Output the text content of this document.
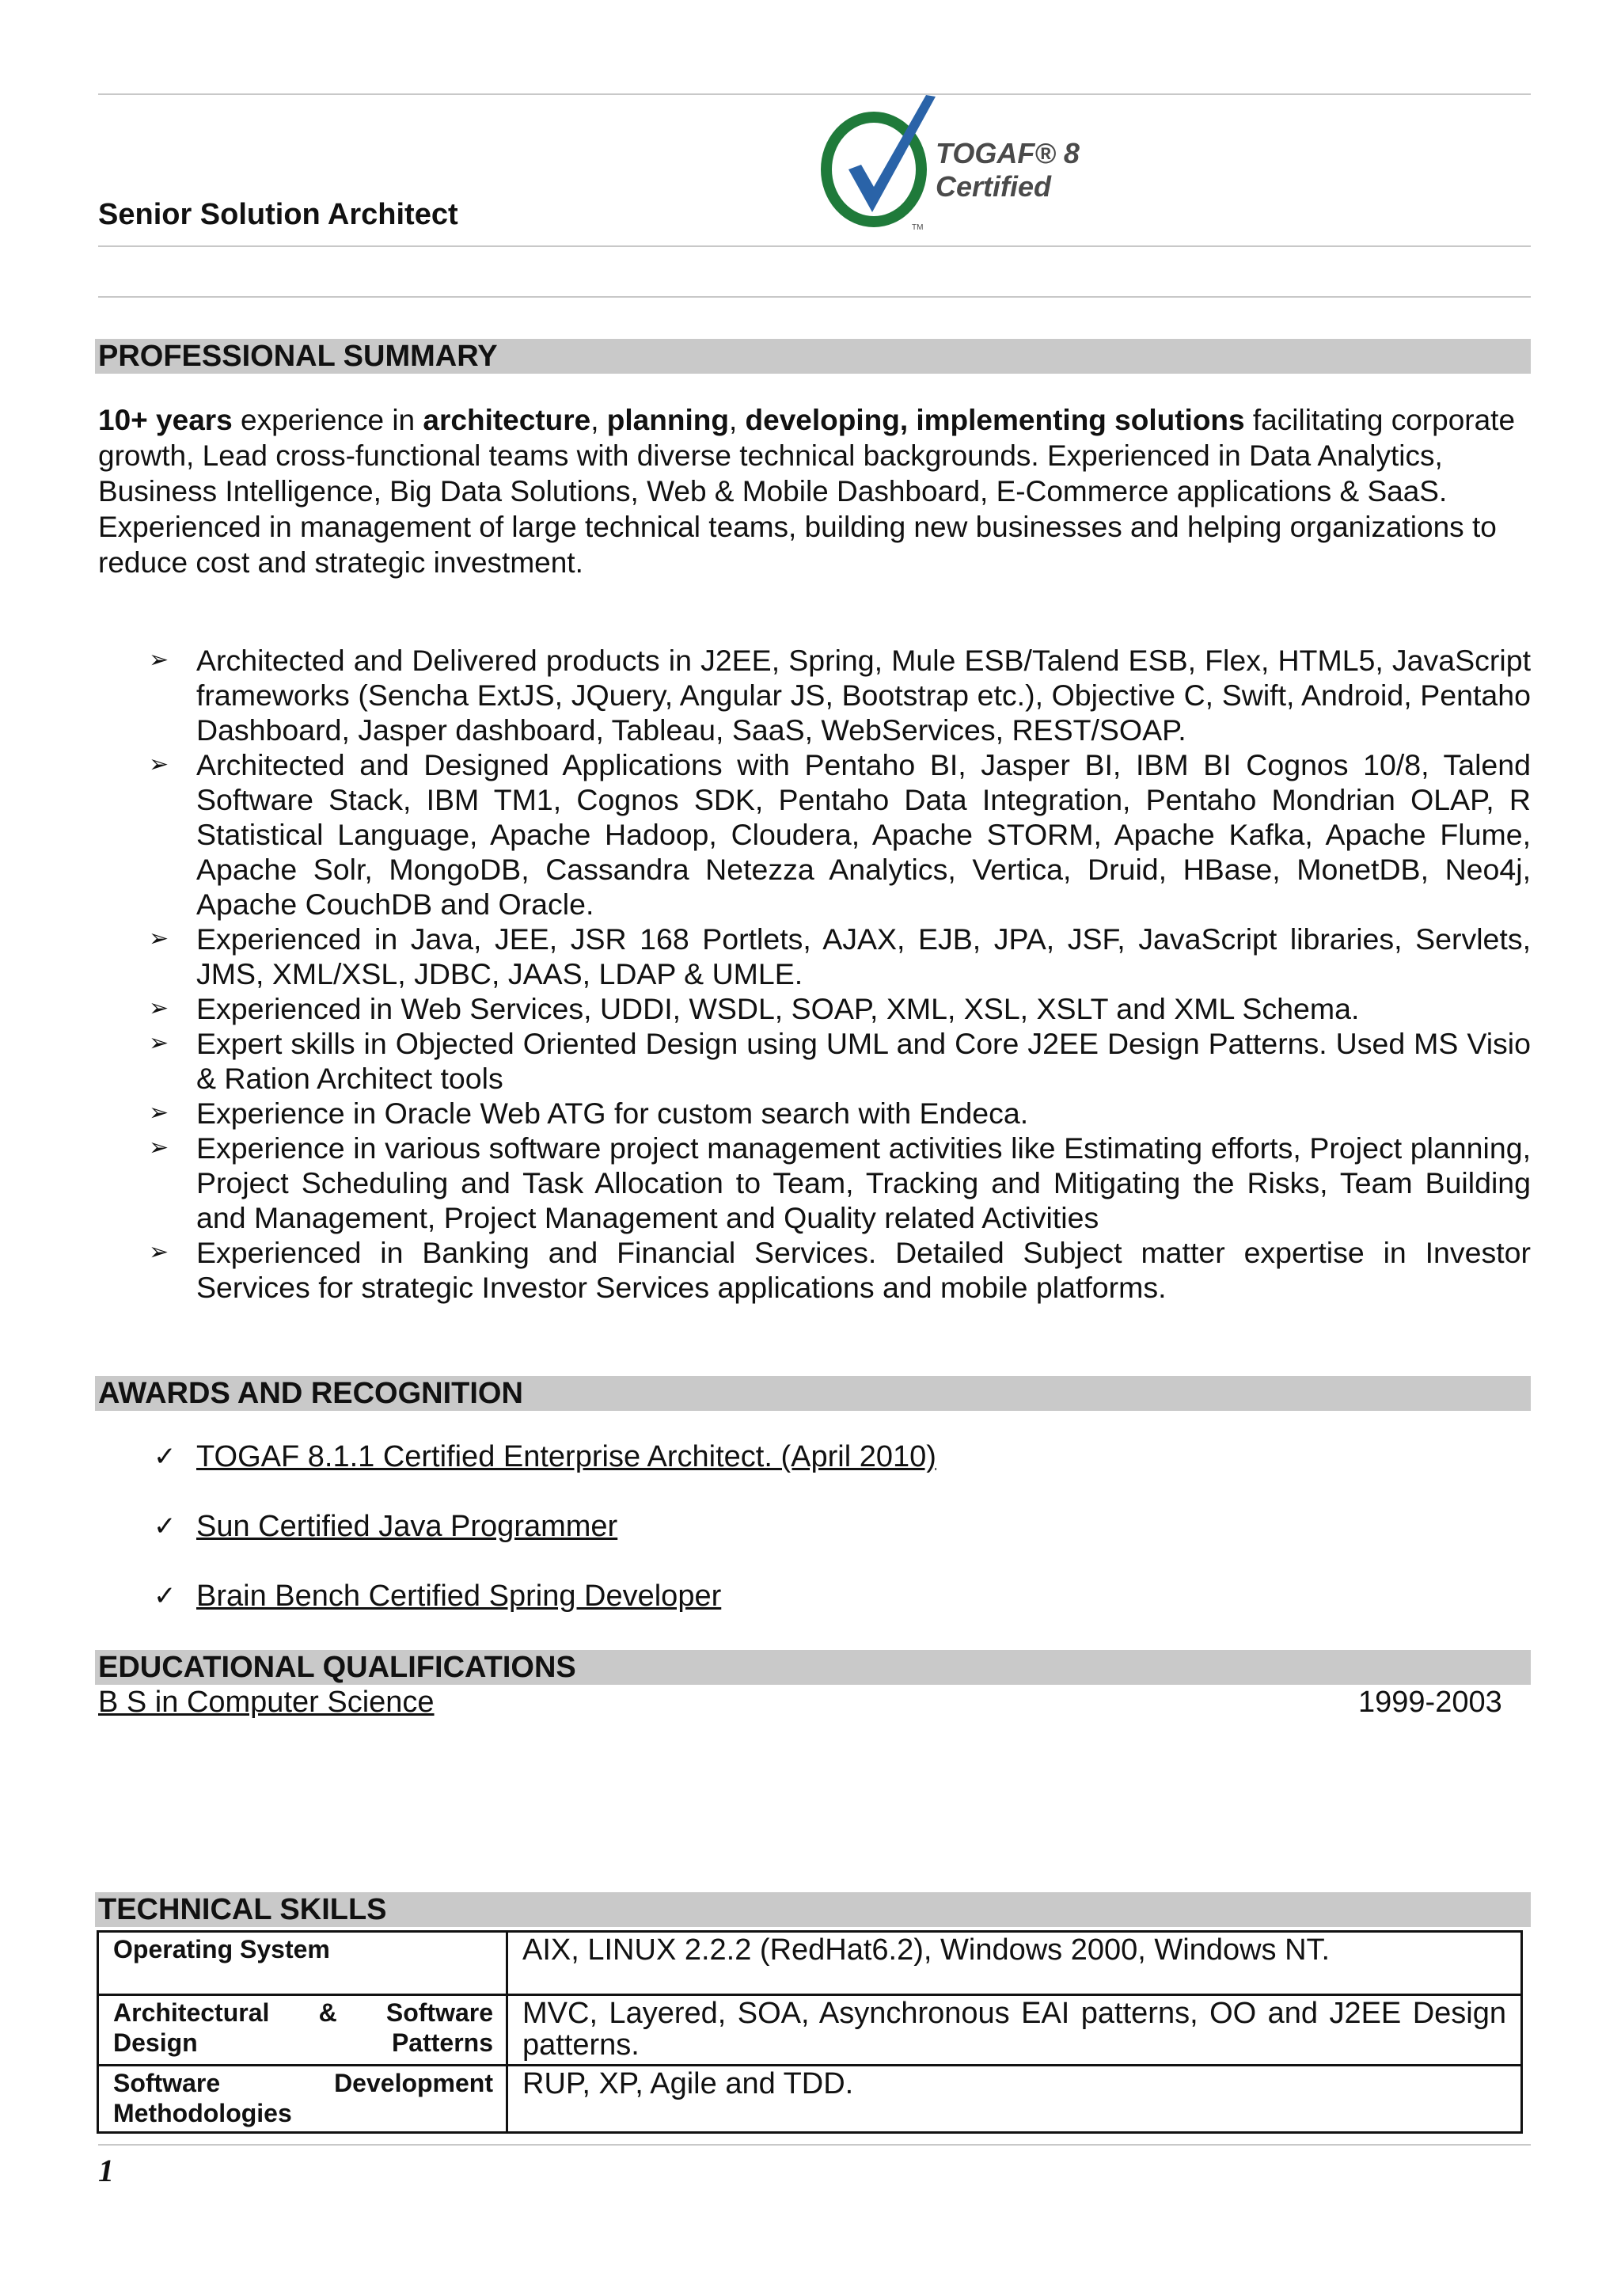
TOGAF® 8
Certified
TM
Senior Solution Architect
PROFESSIONAL SUMMARY
10+ years experience in architecture, planning, developing, implementing solutions facilitating corporate growth, Lead cross-functional teams with diverse technical backgrounds. Experienced in Data Analytics, Business Intelligence, Big Data Solutions, Web & Mobile Dashboard, E-Commerce applications & SaaS. Experienced in management of large technical teams, building new businesses and helping organizations to reduce cost and strategic investment.
➢ Architected and Delivered products in J2EE, Spring, Mule ESB/Talend ESB, Flex, HTML5, JavaScript frameworks (Sencha ExtJS, JQuery, Angular JS, Bootstrap etc.), Objective C, Swift, Android, Pentaho Dashboard, Jasper dashboard, Tableau, SaaS, WebServices, REST/SOAP.
➢ Architected and Designed Applications with Pentaho BI, Jasper BI, IBM BI Cognos 10/8, Talend Software Stack, IBM TM1, Cognos SDK, Pentaho Data Integration, Pentaho Mondrian OLAP, R Statistical Language, Apache Hadoop, Cloudera, Apache STORM, Apache Kafka, Apache Flume, Apache Solr, MongoDB, Cassandra Netezza Analytics, Vertica, Druid, HBase, MonetDB, Neo4j, Apache CouchDB and Oracle.
➢ Experienced in Java, JEE, JSR 168 Portlets, AJAX, EJB, JPA, JSF, JavaScript libraries, Servlets, JMS, XML/XSL, JDBC, JAAS, LDAP & UMLE.
➢ Experienced in Web Services, UDDI, WSDL, SOAP, XML, XSL, XSLT and XML Schema.
➢ Expert skills in Objected Oriented Design using UML and Core J2EE Design Patterns. Used MS Visio & Ration Architect tools
➢ Experience in Oracle Web ATG for custom search with Endeca.
➢ Experience in various software project management activities like Estimating efforts, Project planning, Project Scheduling and Task Allocation to Team, Tracking and Mitigating the Risks, Team Building and Management, Project Management and Quality related Activities
➢ Experienced in Banking and Financial Services. Detailed Subject matter expertise in Investor Services for strategic Investor Services applications and mobile platforms.
AWARDS AND RECOGNITION
✓ TOGAF 8.1.1 Certified Enterprise Architect. (April 2010)
✓ Sun Certified Java Programmer
✓ Brain Bench Certified Spring Developer
EDUCATIONAL QUALIFICATIONS
B S in Computer Science	1999-2003
TECHNICAL SKILLS
Operating System	AIX, LINUX 2.2.2 (RedHat6.2), Windows 2000, Windows NT.
Architectural & Software Design Patterns	MVC, Layered, SOA, Asynchronous EAI patterns, OO and J2EE Design patterns.
Software Development Methodologies	RUP, XP, Agile and TDD.
1
